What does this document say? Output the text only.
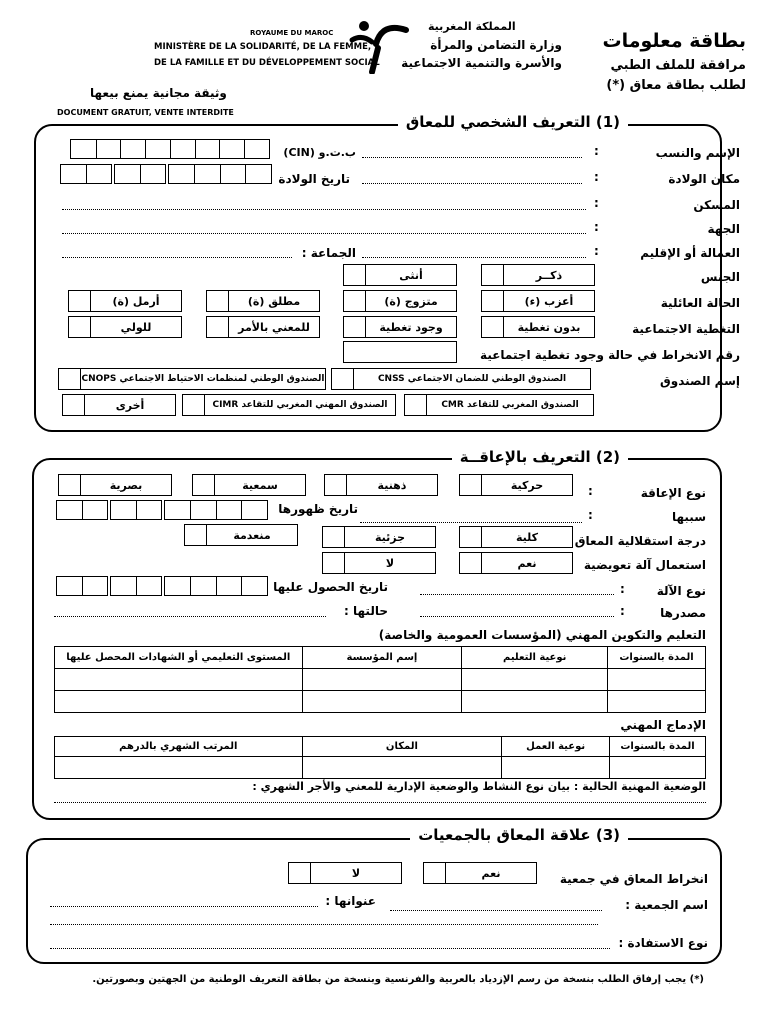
بطاقة معلومات
مرافقة للملف الطبي
لطلب بطاقة معاق (*)
المملكة المغربية
وزارة التضامن والمرأة
والأسرة والتنمية الاجتماعية
ROYAUME DU MAROC
MINISTÈRE DE LA SOLIDARITÉ, DE LA FEMME,
DE LA FAMILLE ET DU DÉVELOPPEMENT SOCIAL
وثيقة مجانية يمنع بيعها
DOCUMENT GRATUIT, VENTE INTERDITE
(1) التعريف الشخصي للمعاق
الإسم والنسب
:
ب.ت.و (CIN)
مكان الولادة
:
تاريخ الولادة
المسكن
:
الجهة
:
العمالة أو الإقليم
:
الجماعة :
الجنس
ذكــر
أنثى
الحالة العائلية
أعزب (ء)
متزوج (ة)
مطلق (ة)
أرمل (ة)
التغطية الاجتماعية
بدون تغطية
وجود تغطية
للمعني بالأمر
للولي
رقم الانخراط في حالة وجود تغطية اجتماعية
إسم الصندوق
الصندوق الوطني للضمان الاجتماعي CNSS
الصندوق الوطني لمنظمات الاحتياط الاجتماعي CNOPS
الصندوق المغربي للتقاعد CMR
الصندوق المهني المغربي للتقاعد CIMR
أخرى
(2) التعريف بالإعاقــة
نوع الإعاقة
:
حركية
ذهنية
سمعية
بصرية
سببها
:
تاريخ ظهورها
درجة استقلالية المعاق
كلية
جزئية
منعدمة
استعمال آلة تعويضية
نعم
لا
نوع الآلة
:
تاريخ الحصول عليها
مصدرها
:
حالتها :
التعليم والتكوين المهني (المؤسسات العمومية والخاصة)
المستوى التعليمي أو الشهادات المحصل عليها	إسم المؤسسة	نوعية التعليم	المدة بالسنوات

الإدماج المهني
المرتب الشهري بالدرهم	المكان	نوعية العمل	المدة بالسنوات

الوضعية المهنية الحالية : بيان نوع النشاط والوضعية الإدارية للمعني والأجر الشهري :
(3) علاقة المعاق بالجمعيات
انخراط المعاق في جمعية
نعم
لا
اسم الجمعية :
عنوانها :
نوع الاستفادة :
(*) يجب إرفاق الطلب بنسخة من رسم الإزدياد بالعربية والفرنسية وبنسخة من بطاقة التعريف الوطنية من الجهتين وبصورتين.
